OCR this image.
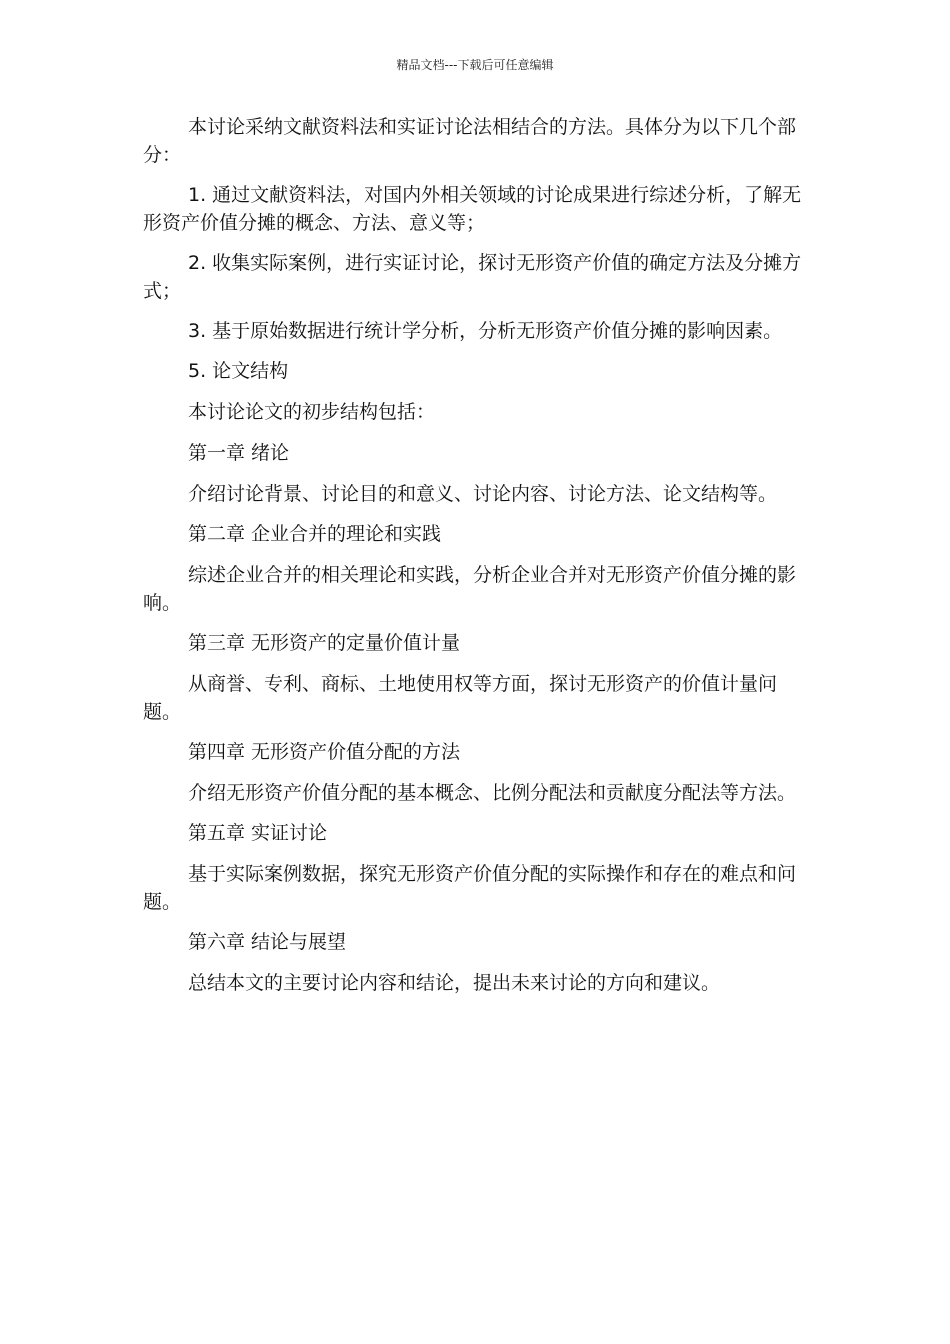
精品文档---下载后可任意编辑

本讨论采纳文献资料法和实证讨论法相结合的方法。具体分为以下几个部分：

1. 通过文献资料法，对国内外相关领域的讨论成果进行综述分析，了解无形资产价值分摊的概念、方法、意义等；

2. 收集实际案例，进行实证讨论，探讨无形资产价值的确定方法及分摊方式；

3. 基于原始数据进行统计学分析，分析无形资产价值分摊的影响因素。

5. 论文结构

本讨论论文的初步结构包括：

第一章 绪论

介绍讨论背景、讨论目的和意义、讨论内容、讨论方法、论文结构等。

第二章 企业合并的理论和实践

综述企业合并的相关理论和实践，分析企业合并对无形资产价值分摊的影响。

第三章 无形资产的定量价值计量

从商誉、专利、商标、土地使用权等方面，探讨无形资产的价值计量问题。

第四章 无形资产价值分配的方法

介绍无形资产价值分配的基本概念、比例分配法和贡献度分配法等方法。

第五章 实证讨论

基于实际案例数据，探究无形资产价值分配的实际操作和存在的难点和问题。

第六章 结论与展望

总结本文的主要讨论内容和结论，提出未来讨论的方向和建议。
